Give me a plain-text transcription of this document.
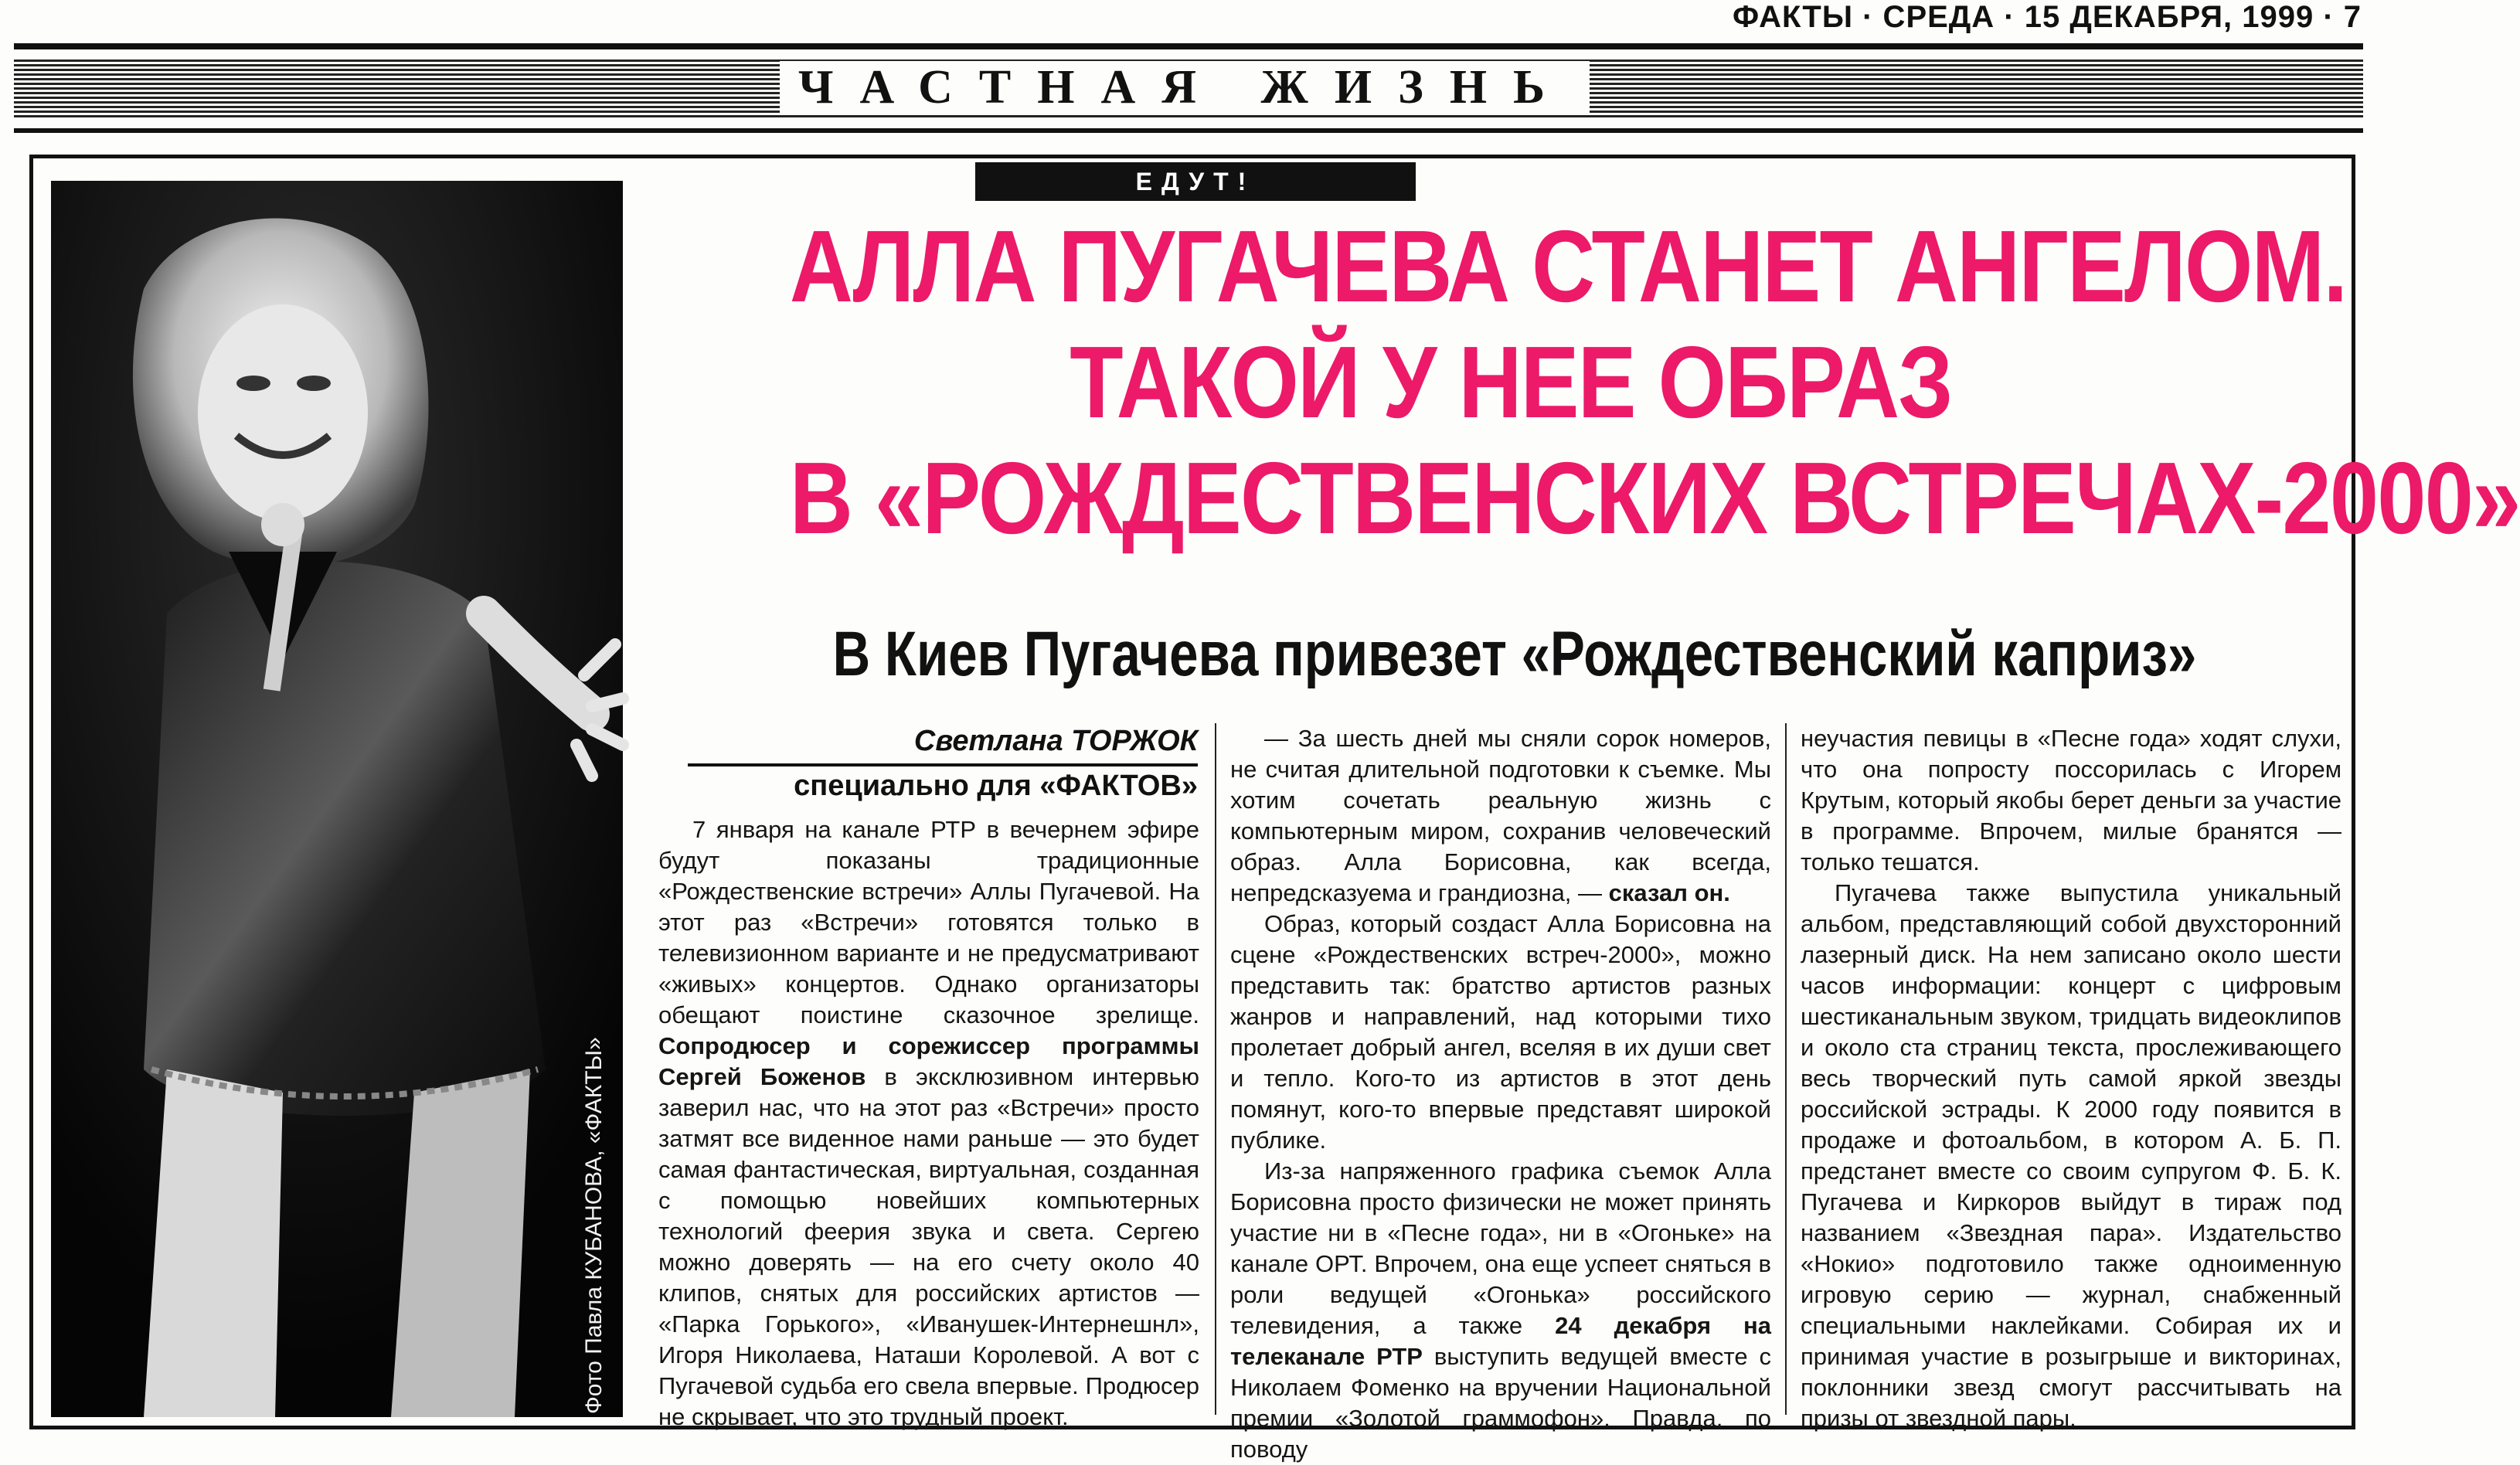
ФАКТЫ · СРЕДА · 15 ДЕКАБРЯ, 1999 · 7
ЧАСТНАЯ ЖИЗНЬ
Фото Павла КУБАНОВА, «ФАКТЫ»
ЕДУТ!
АЛЛА ПУГАЧЕВА СТАНЕТ АНГЕЛОМ.
ТАКОЙ У НЕЕ ОБРАЗ
В «РОЖДЕСТВЕНСКИХ ВСТРЕЧАХ-2000»
В Киев Пугачева привезет «Рождественский каприз»
Светлана ТОРЖОК
специально для «ФАКТОВ»

7 января на канале РТР в вечернем эфире будут показаны традиционные «Рождественские встречи» Аллы Пугачевой. На этот раз «Встречи» готовятся только в телевизионном варианте и не предусматривают «живых» концертов. Однако организаторы обещают поистине сказочное зрелище. Сопродюсер и сорежиссер программы Сергей Боженов в эксклюзивном интервью заверил нас, что на этот раз «Встречи» просто затмят все виденное нами раньше — это будет самая фантастическая, виртуальная, созданная с помощью новейших компьютерных технологий феерия звука и света. Сергею можно доверять — на его счету около 40 клипов, снятых для российских артистов — «Парка Горького», «Иванушек-Интернешнл», Игоря Николаева, Наташи Королевой. А вот с Пугачевой судьба его свела впервые. Продюсер не скрывает, что это трудный проект.

— За шесть дней мы сняли сорок номеров, не считая длительной подготовки к съемке. Мы хотим сочетать реальную жизнь с компьютерным миром, сохранив человеческий образ. Алла Борисовна, как всегда, непредсказуема и грандиозна, — сказал он.

Образ, который создаст Алла Борисовна на сцене «Рождественских встреч-2000», можно представить так: братство артистов разных жанров и направлений, над которыми тихо пролетает добрый ангел, вселяя в их души свет и тепло. Кого-то из артистов в этот день помянут, кого-то впервые представят широкой публике.

Из-за напряженного графика съемок Алла Борисовна просто физически не может принять участие ни в «Песне года», ни в «Огоньке» на канале ОРТ. Впрочем, она еще успеет сняться в роли ведущей «Огонька» российского телевидения, а также 24 декабря на телеканале РТР выступить ведущей вместе с Николаем Фоменко на вручении Национальной премии «Золотой граммофон». Правда, по поводу

неучастия певицы в «Песне года» ходят слухи, что она попросту поссорилась с Игорем Крутым, который якобы берет деньги за участие в программе. Впрочем, милые бранятся — только тешатся.

Пугачева также выпустила уникальный альбом, представляющий собой двухсторонний лазерный диск. На нем записано около шести часов информации: концерт с цифровым шестиканальным звуком, тридцать видеоклипов и около ста страниц текста, прослеживающего весь творческий путь самой яркой звезды российской эстрады. К 2000 году появится в продаже и фотоальбом, в котором А. Б. П. предстанет вместе со своим супругом Ф. Б. К. Пугачева и Киркоров выйдут в тираж под названием «Звездная пара». Издательство «Нокио» подготовило также одноименную игровую серию — журнал, снабженный специальными наклейками. Собирая их и принимая участие в розыгрыше и викторинах, поклонники звезд смогут рассчитывать на призы от звездной пары.
